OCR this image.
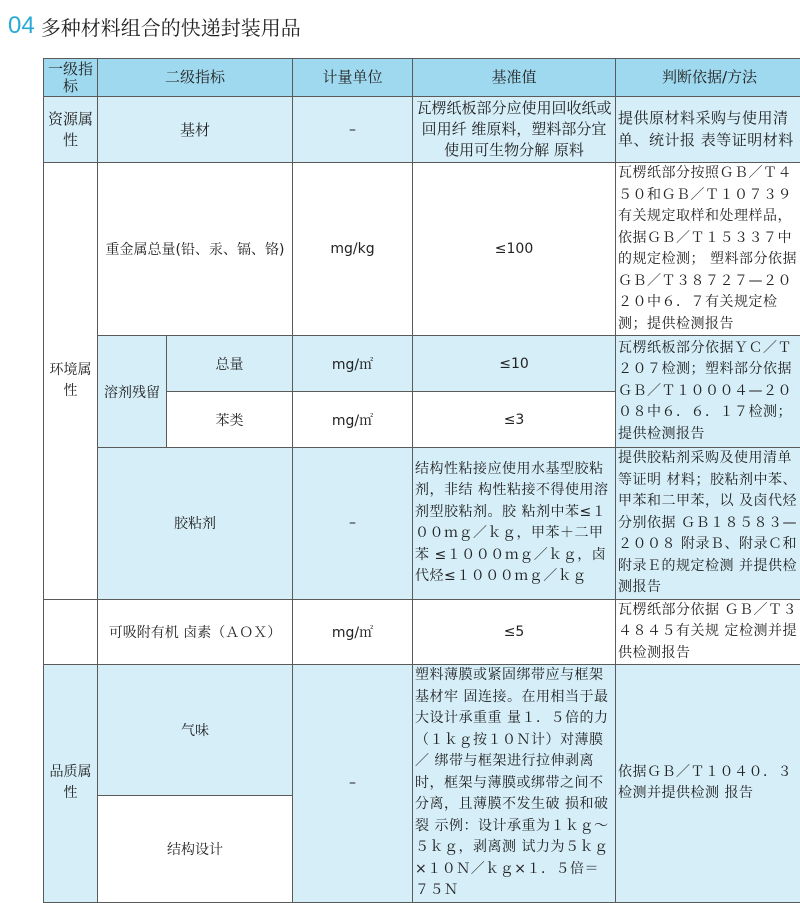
04 多种材料组合的快递封装用品
一级指标	二级指标		计量单位	基准值	判断依据/方法
资源属性	基材		–	瓦楞纸板部分应使用回收纸或回用纤 维原料，塑料部分宜使用可生物分解 原料	提供原材料采购与使用清单、统计报 表等证明材料
环境属性	重金属总量(铅、汞、镉、铬)		mg/kg	≤100	瓦楞纸部分按照ＧＢ／Ｔ４５０和ＧＢ／Ｔ１０７３９有关规定取样和处理样品，依据ＧＢ／Ｔ１５３３７中的规定检测； 塑料部分依据ＧＢ／Ｔ３８７２７—２０２０中６．７有关规定检测；提供检测报告
	溶剂残留	总量	mg/㎡	≤10	瓦楞纸板部分依据ＹＣ／Ｔ２０７检测；塑料部分依据ＧＢ／Ｔ１０００４—２００８中６．６．１７检测；提供检测报告
		苯类	mg/㎡	≤3	
	胶粘剂		–	结构性粘接应使用水基型胶粘剂，非结 构性粘接不得使用溶剂型胶粘剂。胶 粘剂中苯≤１００ｍｇ／ｋｇ，甲苯＋二甲苯 ≤１０００ｍｇ／ｋｇ，卤代烃≤１０００ｍｇ／ｋｇ	提供胶粘剂采购及使用清单等证明 材料；胶粘剂中苯、甲苯和二甲苯，以 及卤代烃分别依据 ＧＢ１８５８３—２００８ 附录Ｂ、附录Ｃ和附录Ｅ的规定检测 并提供检测报告
	可吸附有机 卤素（ＡＯＸ）		mg/㎡	≤5	瓦楞纸部分依据 ＧＢ／Ｔ３４８４５有关规 定检测并提供检测报告
品质属性	气味		–	塑料薄膜或紧固绑带应与框架基材牢 固连接。在用相当于最大设计承重重 量１．５倍的力（１ｋｇ按１０Ｎ计）对薄膜／ 绑带与框架进行拉伸剥离时，框架与薄膜或绑带之间不分离，且薄膜不发生破 损和破裂 示例：设计承重为１ｋｇ～５ｋｇ，剥离测 试力为５ｋｇ×１０Ｎ／ｋｇ×１．５倍＝７５Ｎ	依据ＧＢ／Ｔ１０４０．３检测并提供检测 报告
	结构设计				
